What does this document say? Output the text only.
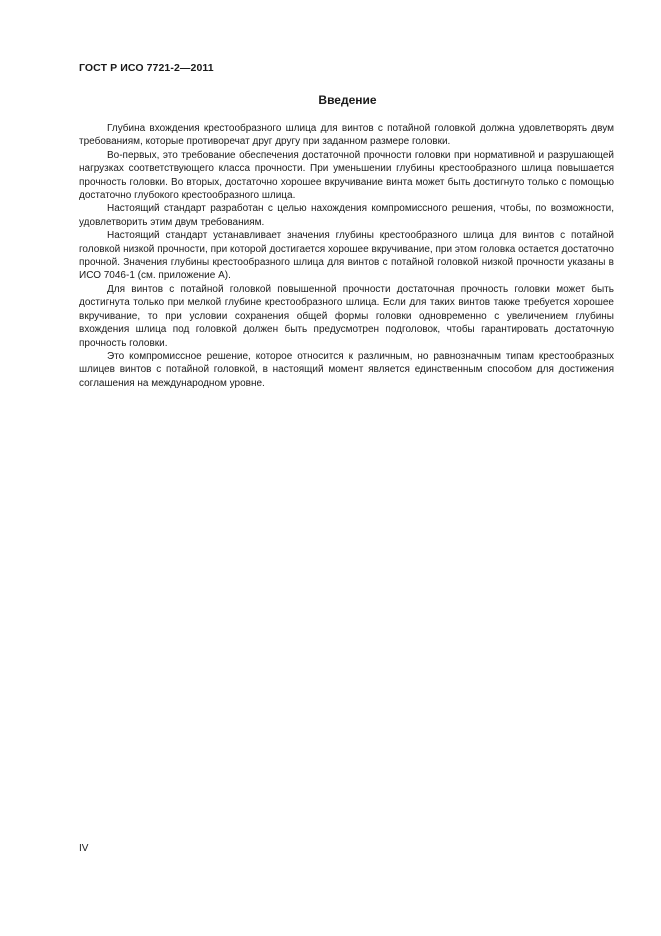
ГОСТ Р ИСО 7721-2—2011
Введение

Глубина вхождения крестообразного шлица для винтов с потайной головкой должна удовлетворять двум требованиям, которые противоречат друг другу при заданном размере головки.

Во-первых, это требование обеспечения достаточной прочности головки при нормативной и разрушающей нагрузках соответствующего класса прочности. При уменьшении глубины крестообразного шлица повышается прочность головки. Во вторых, достаточно хорошее вкручивание винта может быть достигнуто только с помощью достаточно глубокого крестообразного шлица.

Настоящий стандарт разработан с целью нахождения компромиссного решения, чтобы, по возможности, удовлетворить этим двум требованиям.

Настоящий стандарт устанавливает значения глубины крестообразного шлица для винтов с потайной головкой низкой прочности, при которой достигается хорошее вкручивание, при этом головка остается достаточно прочной. Значения глубины крестообразного шлица для винтов с потайной головкой низкой прочности указаны в ИСО 7046-1 (см. приложение А).

Для винтов с потайной головкой повышенной прочности достаточная прочность головки может быть достигнута только при мелкой глубине крестообразного шлица. Если для таких винтов также требуется хорошее вкручивание, то при условии сохранения общей формы головки одновременно с увеличением глубины вхождения шлица под головкой должен быть предусмотрен подголовок, чтобы гарантировать достаточную прочность головки.

Это компромиссное решение, которое относится к различным, но равнозначным типам крестообразных шлицев винтов с потайной головкой, в настоящий момент является единственным способом для достижения соглашения на международном уровне.

IV
